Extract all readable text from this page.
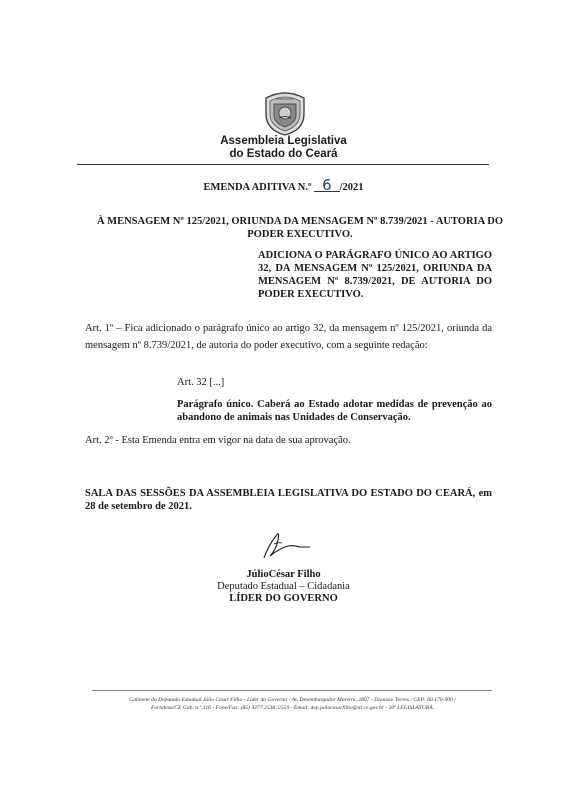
Assembleia Legislativa
do Estado do Ceará
EMENDA ADITIVA N.º 6 /2021
À MENSAGEM Nº 125/2021, ORIUNDA DA MENSAGEM Nº 8.739/2021 - AUTORIA DO PODER EXECUTIVO.
ADICIONA O PARÁGRAFO ÚNICO AO ARTIGO 32, DA MENSAGEM Nº 125/2021, ORIUNDA DA MENSAGEM Nº 8.739/2021, DE AUTORIA DO PODER EXECUTIVO.
Art. 1º – Fica adicionado o parágrafo único ao artigo 32, da mensagem nº 125/2021, oriunda da mensagem nº 8.739/2021, de autoria do poder executivo, com a seguinte redação:
Art. 32 [...]
Parágrafo único. Caberá ao Estado adotar medidas de prevenção ao abandono de animais nas Unidades de Conservação.
Art. 2º - Esta Emenda entra em vigor na data de sua aprovação.
SALA DAS SESSÕES DA ASSEMBLEIA LEGISLATIVA DO ESTADO DO CEARÁ, em 28 de setembro de 2021.
JúlioCésar Filho
Deputado Estadual – Cidadania
LÍDER DO GOVERNO
Gabinete do Deputado Estadual Júlio César Filho - Líder do Governo - Av. Desembargador Moreira, 2807 - Dionísio Torres / CEP: 60.170-900 /
Fortaleza/CE Gab. n.º 316 - Fone/Fax: (85) 3277.2538 /2559 - Email: dep.juliocesarfilho@al.ce.gov.br - 30ª LEGISLATURA.
